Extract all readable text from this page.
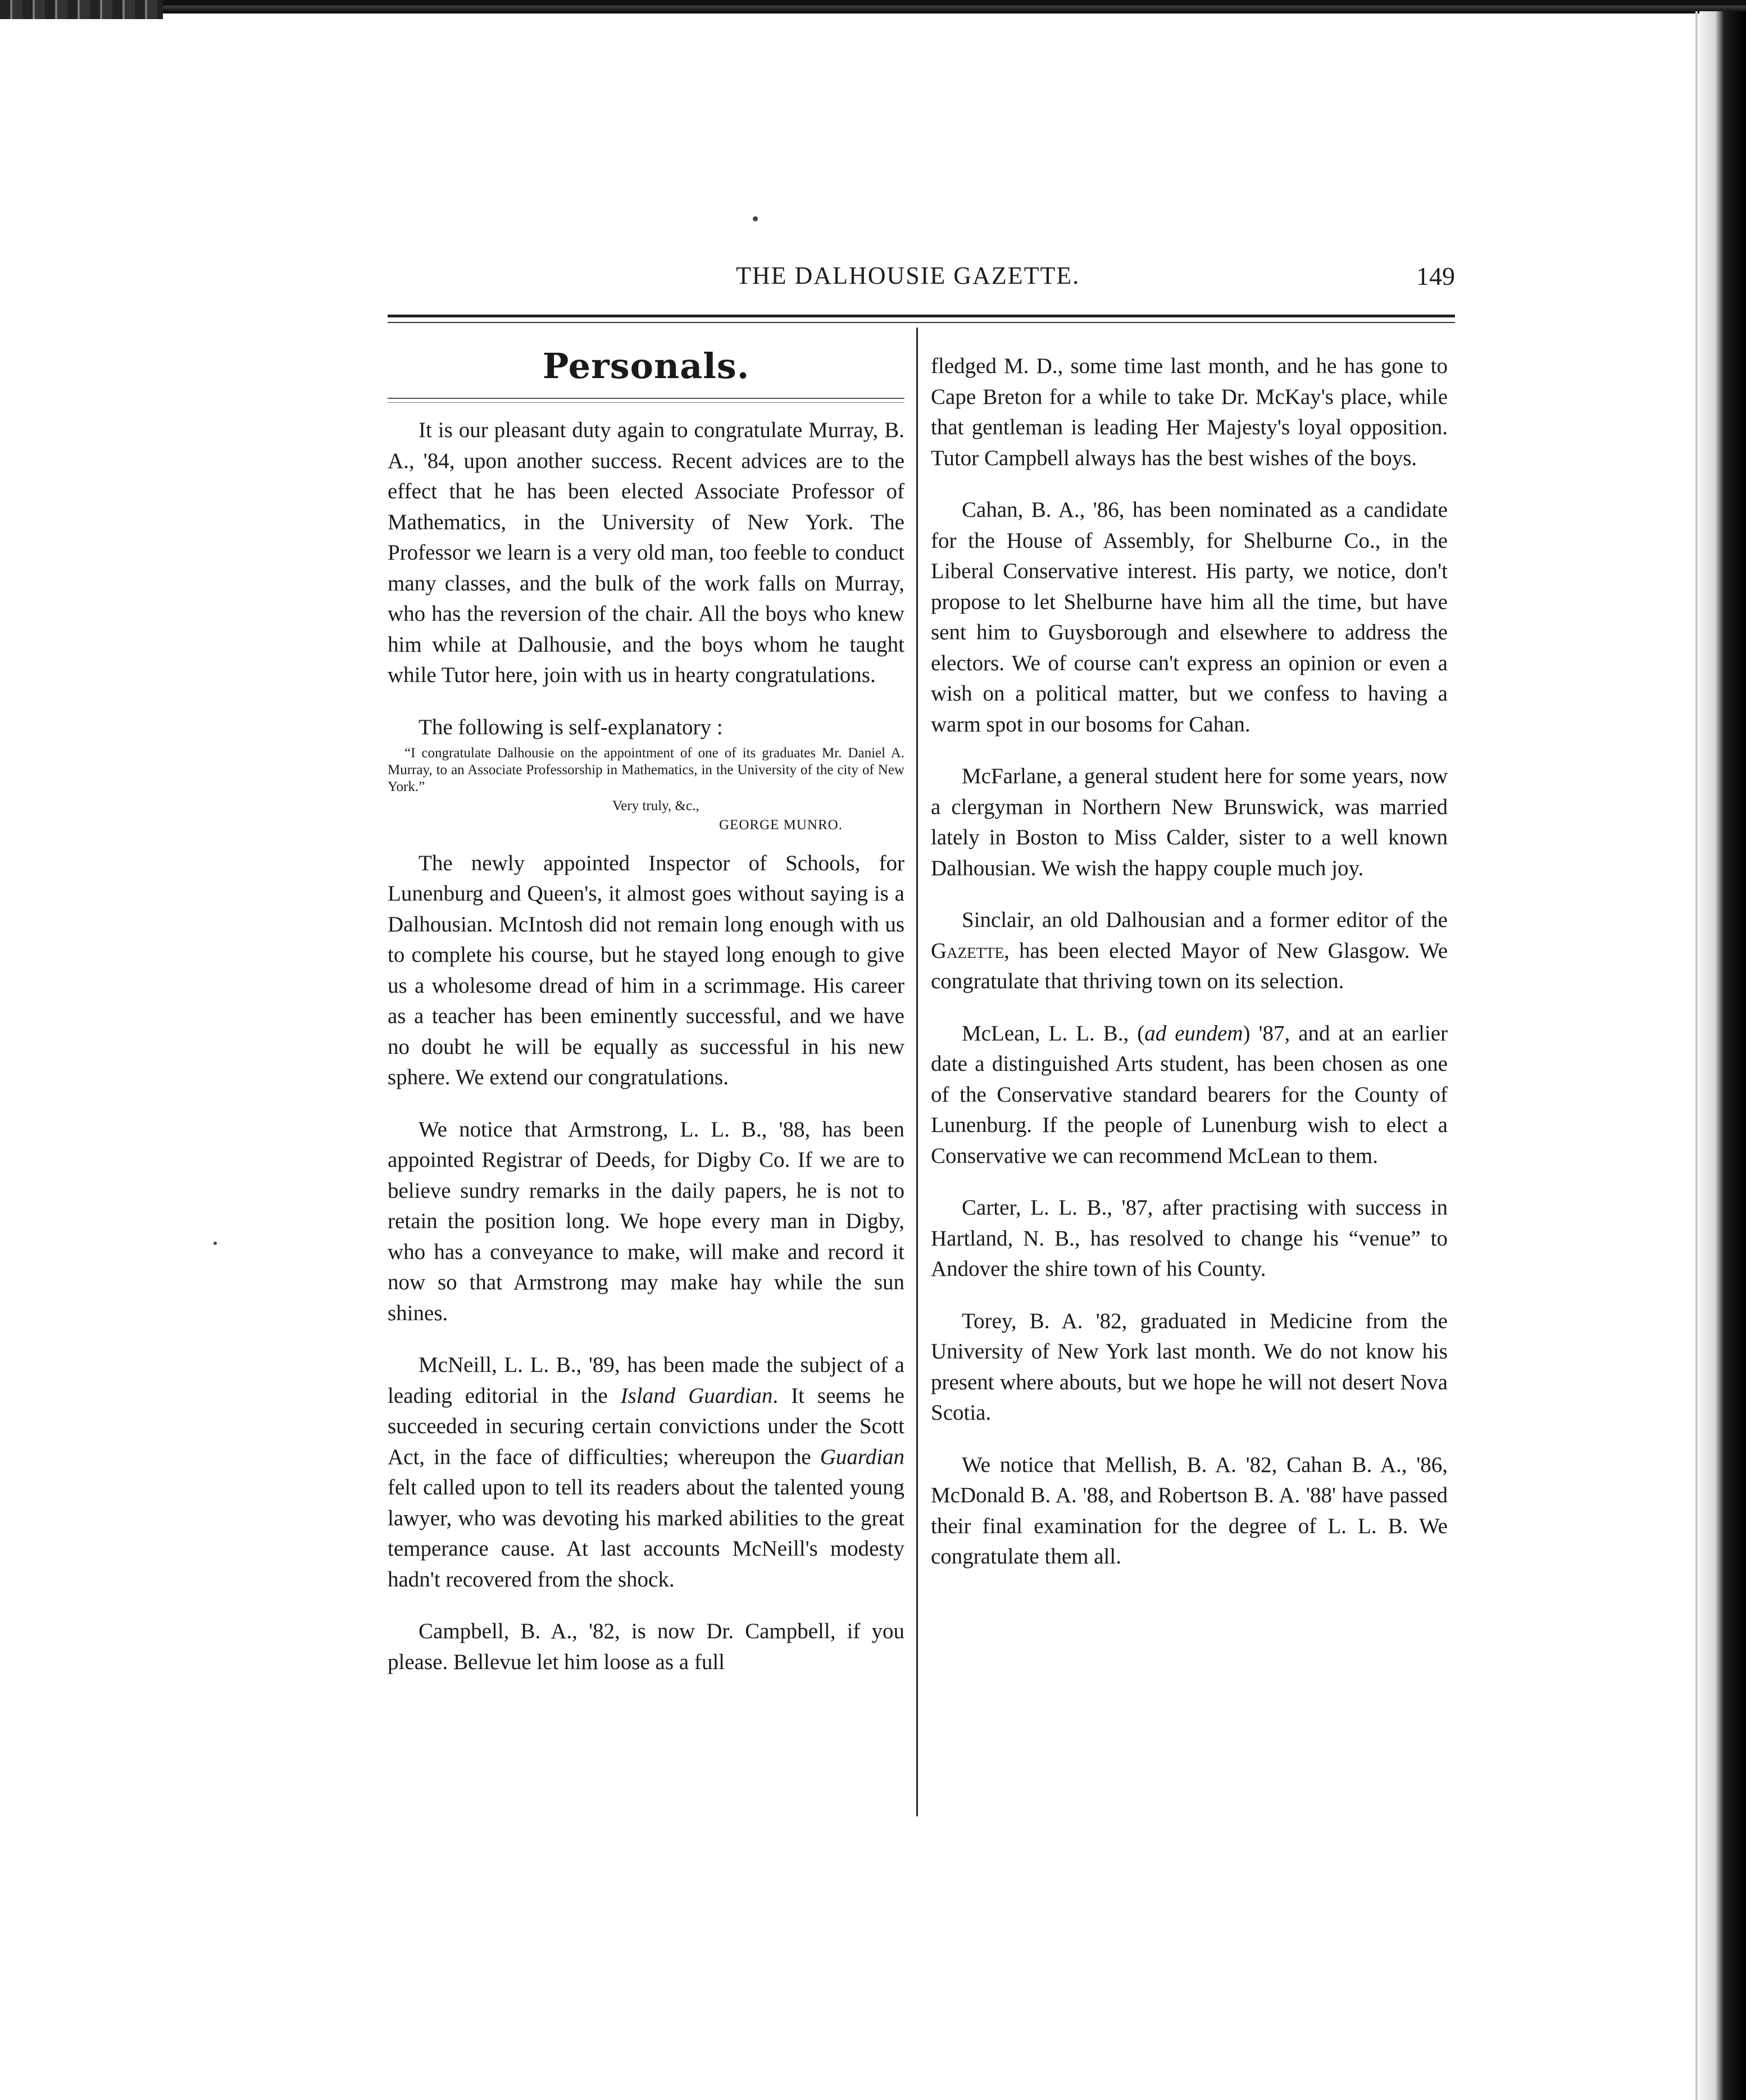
THE DALHOUSIE GAZETTE.	149
Personals.

It is our pleasant duty again to congratulate Murray, B. A., '84, upon another success. Recent advices are to the effect that he has been elected Associate Professor of Mathematics, in the University of New York. The Professor we learn is a very old man, too feeble to conduct many classes, and the bulk of the work falls on Murray, who has the reversion of the chair. All the boys who knew him while at Dalhousie, and the boys whom he taught while Tutor here, join with us in hearty congratulations.

The following is self-explanatory :

“I congratulate Dalhousie on the appointment of one of its graduates Mr. Daniel A. Murray, to an Associate Professorship in Mathematics, in the University of the city of New York.”

Very truly, &c.,

GEORGE MUNRO.

The newly appointed Inspector of Schools, for Lunenburg and Queen's, it almost goes without saying is a Dalhousian. McIntosh did not remain long enough with us to complete his course, but he stayed long enough to give us a wholesome dread of him in a scrimmage. His career as a teacher has been eminently successful, and we have no doubt he will be equally as successful in his new sphere. We extend our congratulations.

We notice that Armstrong, L. L. B., '88, has been appointed Registrar of Deeds, for Digby Co. If we are to believe sundry remarks in the daily papers, he is not to retain the position long. We hope every man in Digby, who has a conveyance to make, will make and record it now so that Armstrong may make hay while the sun shines.

McNeill, L. L. B., '89, has been made the subject of a leading editorial in the Island Guardian. It seems he succeeded in securing certain convictions under the Scott Act, in the face of difficulties; whereupon the Guardian felt called upon to tell its readers about the talented young lawyer, who was devoting his marked abilities to the great temperance cause. At last accounts McNeill's modesty hadn't recovered from the shock.

Campbell, B. A., '82, is now Dr. Campbell, if you please. Bellevue let him loose as a full

fledged M. D., some time last month, and he has gone to Cape Breton for a while to take Dr. McKay's place, while that gentleman is leading Her Majesty's loyal opposition. Tutor Campbell always has the best wishes of the boys.

Cahan, B. A., '86, has been nominated as a candidate for the House of Assembly, for Shelburne Co., in the Liberal Conservative interest. His party, we notice, don't propose to let Shelburne have him all the time, but have sent him to Guysborough and elsewhere to address the electors. We of course can't express an opinion or even a wish on a political matter, but we confess to having a warm spot in our bosoms for Cahan.

McFarlane, a general student here for some years, now a clergyman in Northern New Brunswick, was married lately in Boston to Miss Calder, sister to a well known Dalhousian. We wish the happy couple much joy.

Sinclair, an old Dalhousian and a former editor of the Gazette, has been elected Mayor of New Glasgow. We congratulate that thriving town on its selection.

McLean, L. L. B., (ad eundem) '87, and at an earlier date a distinguished Arts student, has been chosen as one of the Conservative standard bearers for the County of Lunenburg. If the people of Lunenburg wish to elect a Conservative we can recommend McLean to them.

Carter, L. L. B., '87, after practising with success in Hartland, N. B., has resolved to change his “venue” to Andover the shire town of his County.

Torey, B. A. '82, graduated in Medicine from the University of New York last month. We do not know his present where abouts, but we hope he will not desert Nova Scotia.

We notice that Mellish, B. A. '82, Cahan B. A., '86, McDonald B. A. '88, and Robertson B. A. '88' have passed their final examination for the degree of L. L. B. We congratulate them all.
